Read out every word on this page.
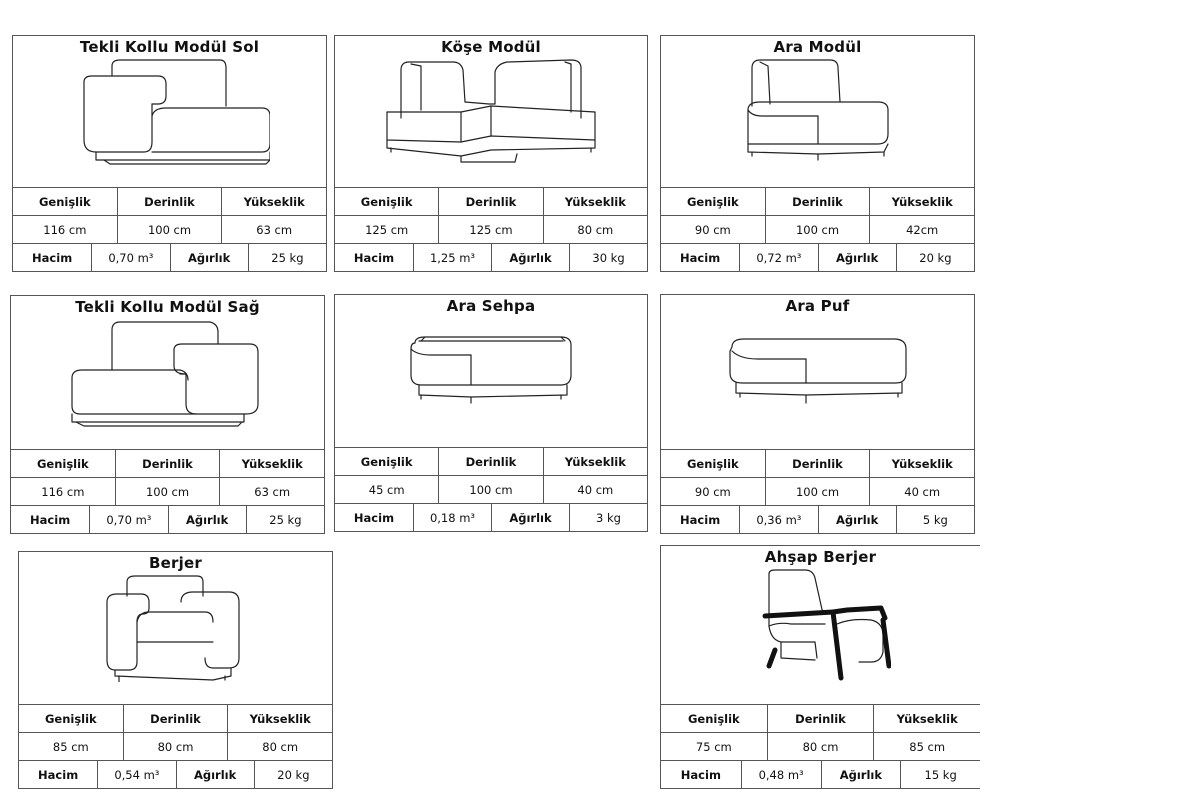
Tekli Kollu Modül Sol
Genişlik	Derinlik	Yükseklik
116 cm	100 cm	63 cm
Hacim	0,70 m³	Ağırlık	25 kg
Köşe Modül
Genişlik	Derinlik	Yükseklik
125 cm	125 cm	80 cm
Hacim	1,25 m³	Ağırlık	30 kg
Ara Modül
Genişlik	Derinlik	Yükseklik
90 cm	100 cm	42cm
Hacim	0,72 m³	Ağırlık	20 kg
Tekli Kollu Modül Sağ
Genişlik	Derinlik	Yükseklik
116 cm	100 cm	63 cm
Hacim	0,70 m³	Ağırlık	25 kg
Ara Sehpa
Genişlik	Derinlik	Yükseklik
45 cm	100 cm	40 cm
Hacim	0,18 m³	Ağırlık	3 kg
Ara Puf
Genişlik	Derinlik	Yükseklik
90 cm	100 cm	40 cm
Hacim	0,36 m³	Ağırlık	5 kg
Berjer
Genişlik	Derinlik	Yükseklik
85 cm	80 cm	80 cm
Hacim	0,54 m³	Ağırlık	20 kg
Ahşap Berjer
Genişlik	Derinlik	Yükseklik
75 cm	80 cm	85 cm
Hacim	0,48 m³	Ağırlık	15 kg
